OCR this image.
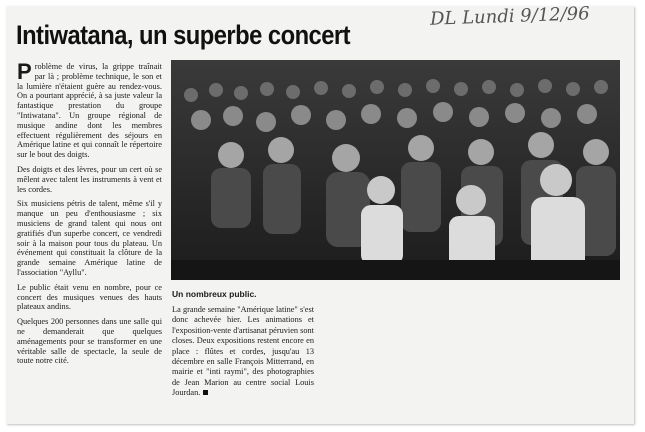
DL Lundi 9/12/96
Intiwatana, un superbe concert

Problème de virus, la grippe traînait par là ; problème technique, le son et la lumière n'étaient guère au rendez-vous. On a pourtant apprécié, à sa juste valeur la fantastique prestation du groupe "Intiwatana". Un groupe régional de musique andine dont les membres effectuent régulièrement des séjours en Amérique latine et qui connaît le répertoire sur le bout des doigts.

Des doigts et des lèvres, pour un cert où se mêlent avec talent les instruments à vent et les cordes.

Six musiciens pétris de talent, même s'il y manque un peu d'enthousiasme ; six musiciens de grand talent qui nous ont gratifiés d'un superbe concert, ce vendredi soir à la maison pour tous du plateau. Un événement qui constituait la clôture de la grande semaine Amérique latine de l'association "Ayllu".

Le public était venu en nombre, pour ce concert des musiques venues des hauts plateaux andins.

Quelques 200 personnes dans une salle qui ne demanderait que quelques aménagements pour se transformer en une véritable salle de spectacle, la seule de toute notre cité.

Un nombreux public.
La grande semaine "Amérique latine" s'est donc achevée hier. Les animations et l'exposition-vente d'artisanat péruvien sont closes. Deux expositions restent encore en place : flûtes et cordes, jusqu'au 13 décembre en salle François Mitterrand, en mairie et "inti raymi", des photographies de Jean Marion au centre social Louis Jourdan.
